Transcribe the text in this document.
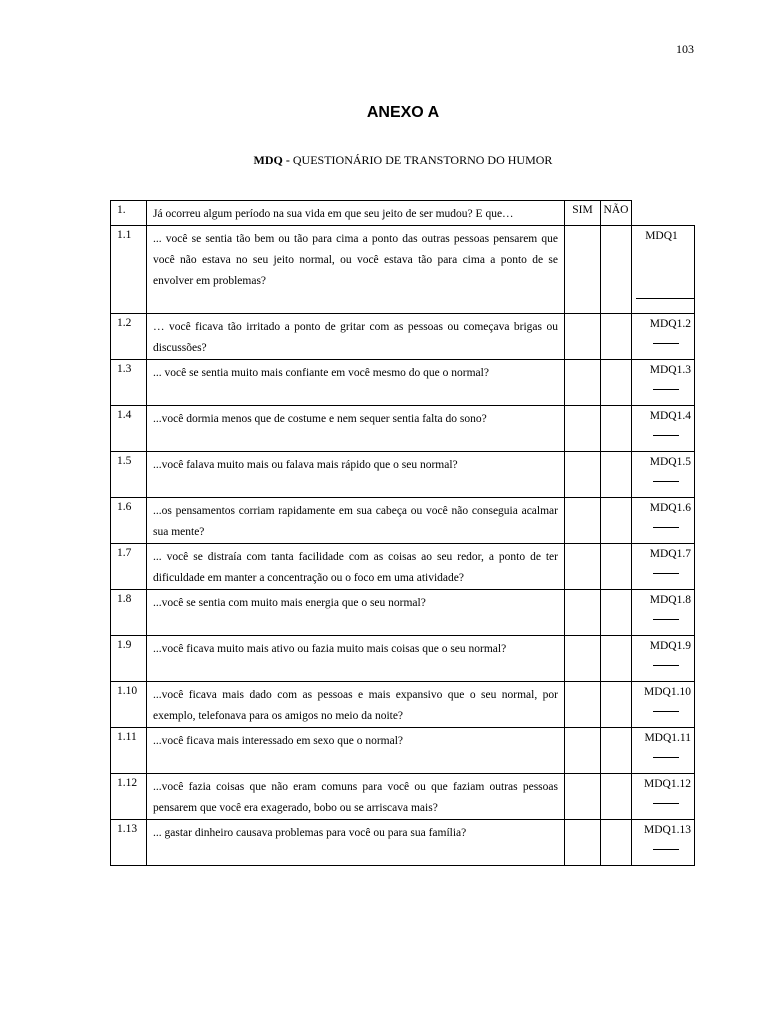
103
ANEXO A
MDQ - QUESTIONÁRIO DE TRANSTORNO DO HUMOR
1.	Já ocorreu algum período na sua vida em que seu jeito de ser mudou? E que…	SIM	NÃO	
1.1	... você se sentia tão bem ou tão para cima a ponto das outras pessoas pensarem que você não estava no seu jeito normal, ou você estava tão para cima a ponto de se envolver em problemas?			MDQ1

1.2	… você ficava tão irritado a ponto de gritar com as pessoas ou começava brigas ou discussões?			MDQ1.2

1.3	... você se sentia muito mais confiante em você mesmo do que o normal?			MDQ1.3

1.4	...você dormia menos que de costume e nem sequer sentia falta do sono?			MDQ1.4

1.5	...você falava muito mais ou falava mais rápido que o seu normal?			MDQ1.5

1.6	...os pensamentos corriam rapidamente em sua cabeça ou você não conseguia acalmar sua mente?			MDQ1.6

1.7	... você se distraía com tanta facilidade com as coisas ao seu redor, a ponto de ter dificuldade em manter a concentração ou o foco em uma atividade?			MDQ1.7

1.8	...você se sentia com muito mais energia que o seu normal?			MDQ1.8

1.9	...você ficava muito mais ativo ou fazia muito mais coisas que o seu normal?			MDQ1.9

1.10	...você ficava mais dado com as pessoas e mais expansivo que o seu normal, por exemplo, telefonava para os amigos no meio da noite?			MDQ1.10

1.11	...você ficava mais interessado em sexo que o normal?			MDQ1.11

1.12	...você fazia coisas que não eram comuns para você ou que faziam outras pessoas pensarem que você era exagerado, bobo ou se arriscava mais?			MDQ1.12

1.13	... gastar dinheiro causava problemas para você ou para sua família?			MDQ1.13
